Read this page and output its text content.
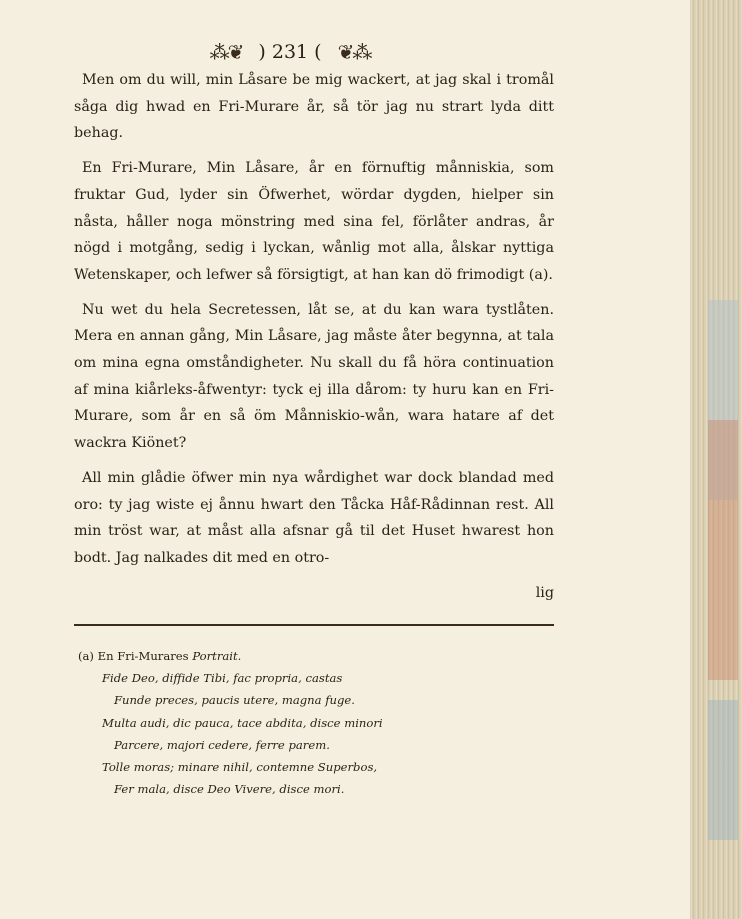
⁂❦ ) 231 ( ❦⁂

Men om du will, min Låsare be mig wackert, at jag skal i tromål såga dig hwad en Fri-Murare år, så tör jag nu strart lyda ditt behag.

En Fri-Murare, Min Låsare, år en förnuftig månniskia, som fruktar Gud, lyder sin Öfwerhet, wördar dygden, hielper sin nåsta, håller noga mönstring med sina fel, förlåter andras, år nögd i motgång, sedig i lyckan, wånlig mot alla, ålskar nyttiga Wetenskaper, och lefwer så försigtigt, at han kan dö frimodigt (a).

Nu wet du hela Secretessen, låt se, at du kan wara tystlåten. Mera en annan gång, Min Låsare, jag måste åter begynna, at tala om mina egna omståndigheter. Nu skall du få höra continuation af mina kiårleks-åfwentyr: tyck ej illa dårom: ty huru kan en Fri-Murare, som år en så öm Månniskio-wån, wara hatare af det wackra Kiönet?

All min glådie öfwer min nya wårdighet war dock blandad med oro: ty jag wiste ej ånnu hwart den Tåcka Håf-Rådinnan rest. All min tröst war, at måst alla afsnar gå til det Huset hwarest hon bodt. Jag nalkades dit med en otro-

lig

(a) En Fri-Murares Portrait.
Fide Deo, diffide Tibi, fac propria, castas
Funde preces, paucis utere, magna fuge.
Multa audi, dic pauca, tace abdita, disce minori
Parcere, majori cedere, ferre parem.
Tolle moras; minare nihil, contemne Superbos,
Fer mala, disce Deo Vivere, disce mori.
